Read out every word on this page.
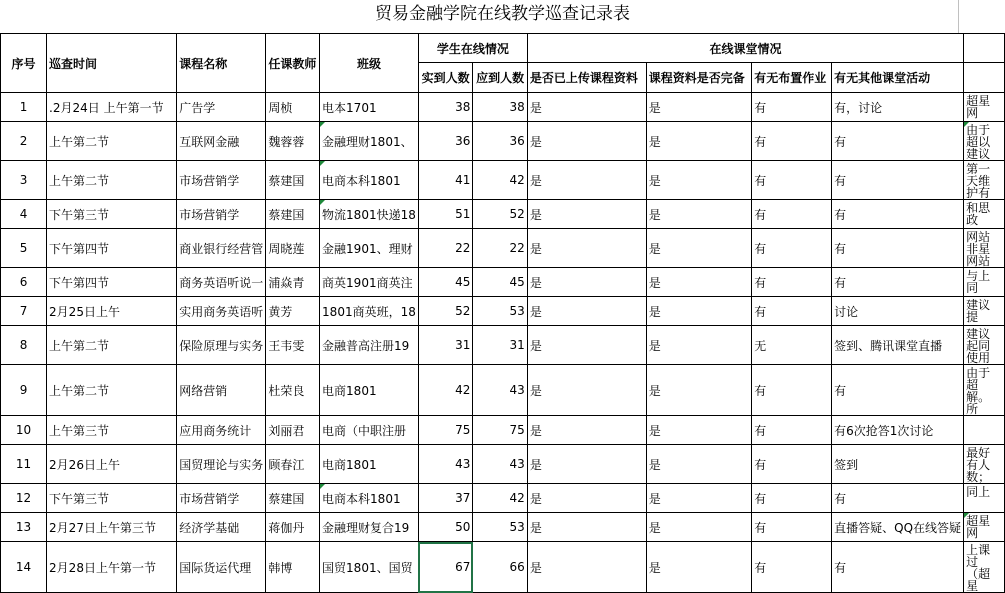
贸易金融学院在线教学巡查记录表
序号	巡查时间	课程名称	任课教师	班级	学生在线情况		在线课堂情况				
					实到人数	应到人数	是否已上传课程资料	课程资料是否完备	有无布置作业	有无其他课堂活动	
1	.2月24日 上午第一节	广告学	周桢	电本1701	38	38	是	是	有	有，讨论	超星网
2	上午第二节	互联网金融	魏蓉蓉	金融理财1801、	36	36	是	是	有	有	由于超以建议
3	上午第二节	市场营销学	蔡建国	电商本科1801	41	42	是	是	有	有	第一天维护有
4	下午第三节	市场营销学	蔡建国	物流1801快递18	51	52	是	是	有	有	和思政
5	下午第四节	商业银行经营管	周晓莲	金融1901、理财	22	22	是	是	有	有	网站非星网站
6	下午第四节	商务英语听说一	浦焱青	商英1901商英注	45	45	是	是	有	有	与上同
7	2月25日上午	实用商务英语听	黄芳	1801商英班，18	52	53	是	是	有	讨论	建议提
8	上午第二节	保险原理与实务	王韦雯	金融普高注册19	31	31	是	是	无	签到、腾讯课堂直播	建议起同使用
9	上午第二节	网络营销	杜荣良	电商1801	42	43	是	是	有	有	由于超解。所
10	上午第三节	应用商务统计	刘丽君	电商（中职注册	75	75	是	是	有	有6次抢答1次讨论	
11	2月26日上午	国贸理论与实务	顾春江	电商1801	43	43	是	是	有	签到	最好有人数；
12	下午第三节	市场营销学	蔡建国	电商本科1801	37	42	是	是	有	有	同上
13	2月27日上午第三节	经济学基础	蒋伽丹	金融理财复合19	50	53	是	是	有	直播答疑、QQ在线答疑	超星网
14	2月28日上午第一节	国际货运代理	韩博	国贸1801、国贸	67	66	是	是	有	有	上课过（超星
